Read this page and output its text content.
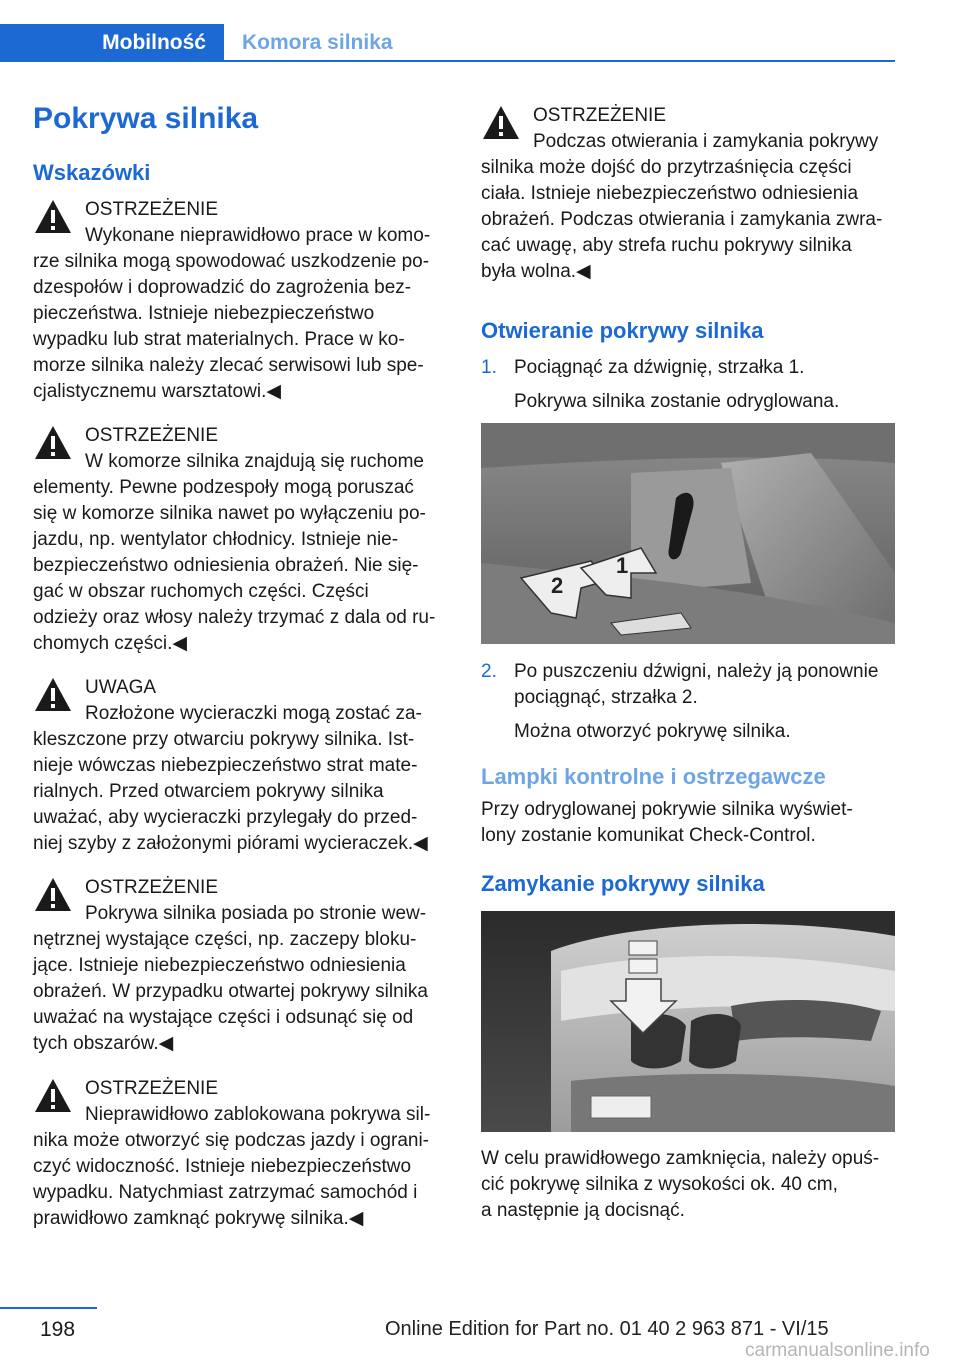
Mobilność	Komora silnika
Pokrywa silnika
Wskazówki
OSTRZEŻENIE
Wykonane nieprawidłowo prace w komo‐
rze silnika mogą spowodować uszkodzenie po‐
dzespołów i doprowadzić do zagrożenia bez‐
pieczeństwa. Istnieje niebezpieczeństwo
wypadku lub strat materialnych. Prace w ko‐
morze silnika należy zlecać serwisowi lub spe‐
cjalistycznemu warsztatowi.◀
OSTRZEŻENIE
W komorze silnika znajdują się ruchome
elementy. Pewne podzespoły mogą poruszać
się w komorze silnika nawet po wyłączeniu po‐
jazdu, np. wentylator chłodnicy. Istnieje nie‐
bezpieczeństwo odniesienia obrażeń. Nie się‐
gać w obszar ruchomych części. Części
odzieży oraz włosy należy trzymać z dala od ru‐
chomych części.◀
UWAGA
Rozłożone wycieraczki mogą zostać za‐
kleszczone przy otwarciu pokrywy silnika. Ist‐
nieje wówczas niebezpieczeństwo strat mate‐
rialnych. Przed otwarciem pokrywy silnika
uważać, aby wycieraczki przylegały do przed‐
niej szyby z założonymi piórami wycieraczek.◀
OSTRZEŻENIE
Pokrywa silnika posiada po stronie wew‐
nętrznej wystające części, np. zaczepy bloku‐
jące. Istnieje niebezpieczeństwo odniesienia
obrażeń. W przypadku otwartej pokrywy silnika
uważać na wystające części i odsunąć się od
tych obszarów.◀
OSTRZEŻENIE
Nieprawidłowo zablokowana pokrywa sil‐
nika może otworzyć się podczas jazdy i ograni‐
czyć widoczność. Istnieje niebezpieczeństwo
wypadku. Natychmiast zatrzymać samochód i
prawidłowo zamknąć pokrywę silnika.◀
OSTRZEŻENIE
Podczas otwierania i zamykania pokrywy
silnika może dojść do przytrzaśnięcia części
ciała. Istnieje niebezpieczeństwo odniesienia
obrażeń. Podczas otwierania i zamykania zwra‐
cać uwagę, aby strefa ruchu pokrywy silnika
była wolna.◀
Otwieranie pokrywy silnika
1. Pociągnąć za dźwignię, strzałka 1.
Pokrywa silnika zostanie odryglowana.
2
1
2. Po puszczeniu dźwigni, należy ją ponownie
pociągnąć, strzałka 2.
Można otworzyć pokrywę silnika.
Lampki kontrolne i ostrzegawcze
Przy odryglowanej pokrywie silnika wyświet‐
lony zostanie komunikat Check-Control.
Zamykanie pokrywy silnika
W celu prawidłowego zamknięcia, należy opuś‐
cić pokrywę silnika z wysokości ok. 40 cm,
a następnie ją docisnąć.
198	Online Edition for Part no. 01 40 2 963 871 - VI/15
carmanualsonline.info
